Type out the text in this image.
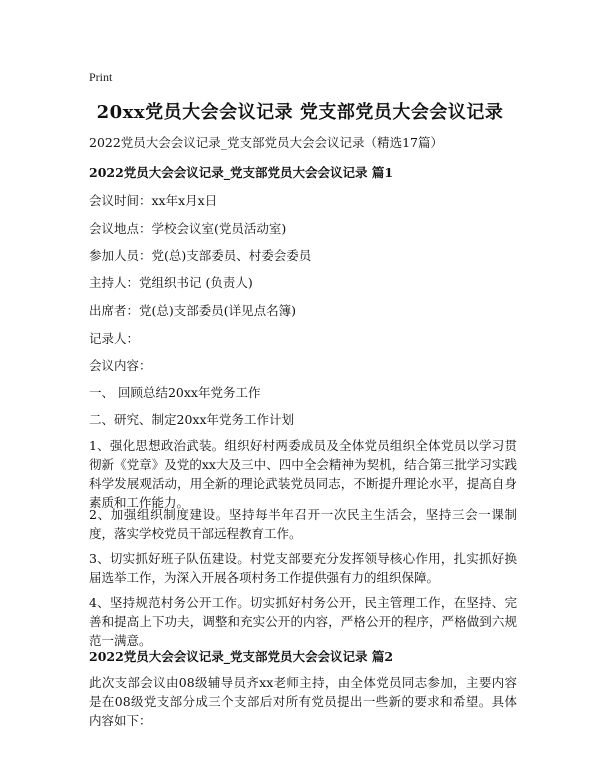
Print
20xx党员大会会议记录 党支部党员大会会议记录
2022党员大会会议记录_党支部党员大会会议记录（精选17篇）
2022党员大会会议记录_党支部党员大会会议记录 篇1
会议时间：xx年x月x日
会议地点：学校会议室(党员活动室)
参加人员：党(总)支部委员、村委会委员
主持人：党组织书记 (负责人)
出席者：党(总)支部委员(详见点名簿)
记录人：
会议内容：
一、 回顾总结20xx年党务工作
二、研究、制定20xx年党务工作计划
1、强化思想政治武装。组织好村两委成员及全体党员组织全体党员以学习贯彻新《党章》及党的xx大及三中、四中全会精神为契机，结合第三批学习实践科学发展观活动，用全新的理论武装党员同志，不断提升理论水平，提高自身素质和工作能力。
2、加强组织制度建设。坚持每半年召开一次民主生活会，坚持三会一课制度，落实学校党员干部远程教育工作。
3、切实抓好班子队伍建设。村党支部要充分发挥领导核心作用，扎实抓好换届选举工作，为深入开展各项村务工作提供强有力的组织保障。
4、坚持规范村务公开工作。切实抓好村务公开，民主管理工作，在坚持、完善和提高上下功夫，调整和充实公开的内容，严格公开的程序，严格做到六规范一满意。
2022党员大会会议记录_党支部党员大会会议记录 篇2
此次支部会议由08级辅导员齐xx老师主持，由全体党员同志参加，主要内容是在08级党支部分成三个支部后对所有党员提出一些新的要求和希望。具体内容如下：
